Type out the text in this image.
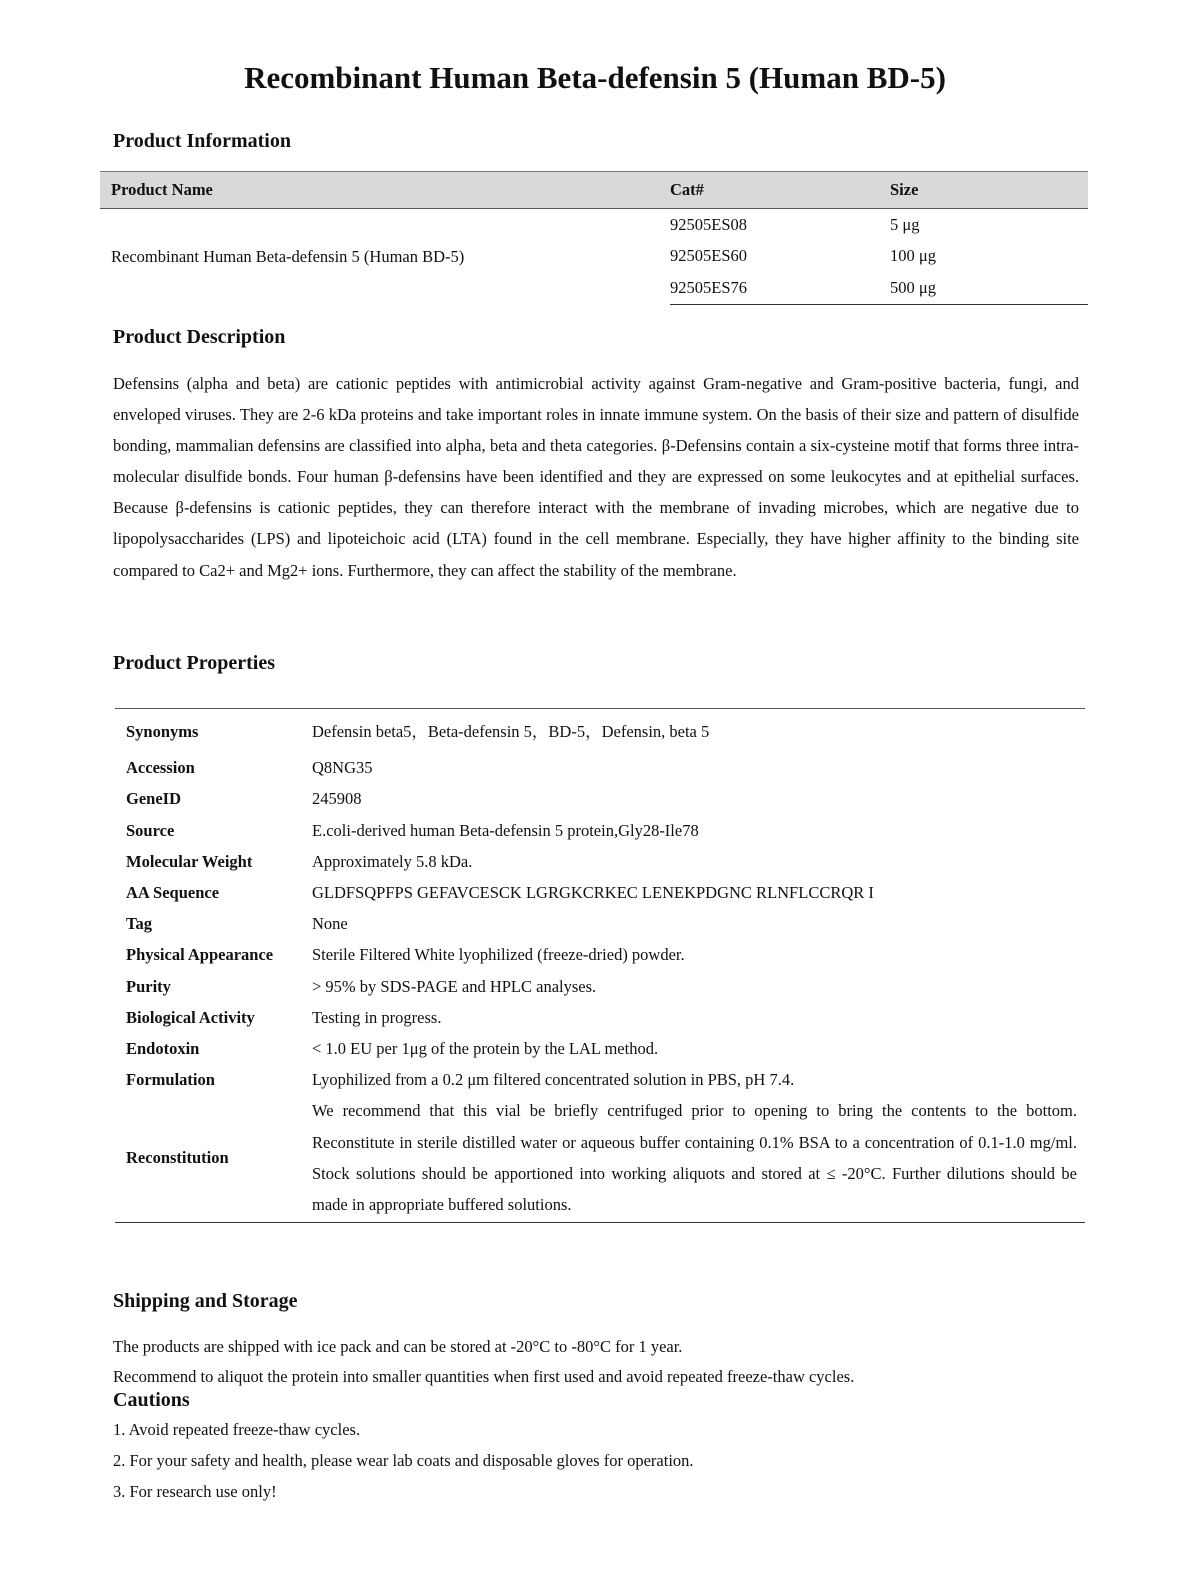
Recombinant Human Beta-defensin 5 (Human BD-5)
Product Information
Product Name	Cat#	Size
Recombinant Human Beta-defensin 5 (Human BD-5)	92505ES08	5 μg
	92505ES60	100 μg
	92505ES76	500 μg
Product Description

Defensins (alpha and beta) are cationic peptides with antimicrobial activity against Gram-negative and Gram-positive bacteria, fungi, and enveloped viruses. They are 2-6 kDa proteins and take important roles in innate immune system. On the basis of their size and pattern of disulfide bonding, mammalian defensins are classified into alpha, beta and theta categories. β-Defensins contain a six-cysteine motif that forms three intra-molecular disulfide bonds. Four human β-defensins have been identified and they are expressed on some leukocytes and at epithelial surfaces. Because β-defensins is cationic peptides, they can therefore interact with the membrane of invading microbes, which are negative due to lipopolysaccharides (LPS) and lipoteichoic acid (LTA) found in the cell membrane. Especially, they have higher affinity to the binding site compared to Ca2+ and Mg2+ ions. Furthermore, they can affect the stability of the membrane.

Product Properties
Synonyms	Defensin beta5，Beta-defensin 5，BD-5，Defensin, beta 5
Accession	Q8NG35
GeneID	245908
Source	E.coli-derived human Beta-defensin 5 protein,Gly28-Ile78
Molecular Weight	Approximately 5.8 kDa.
AA Sequence	GLDFSQPFPS GEFAVCESCK LGRGKCRKEC LENEKPDGNC RLNFLCCRQR I
Tag	None
Physical Appearance	Sterile Filtered White lyophilized (freeze-dried) powder.
Purity	> 95% by SDS-PAGE and HPLC analyses.
Biological Activity	Testing in progress.
Endotoxin	< 1.0 EU per 1μg of the protein by the LAL method.
Formulation	Lyophilized from a 0.2 μm filtered concentrated solution in PBS, pH 7.4.
Reconstitution	We recommend that this vial be briefly centrifuged prior to opening to bring the contents to the bottom. Reconstitute in sterile distilled water or aqueous buffer containing 0.1% BSA to a concentration of 0.1-1.0 mg/ml. Stock solutions should be apportioned into working aliquots and stored at ≤ -20°C. Further dilutions should be made in appropriate buffered solutions.
Shipping and Storage

The products are shipped with ice pack and can be stored at -20°C to -80°C for 1 year.

Recommend to aliquot the protein into smaller quantities when first used and avoid repeated freeze-thaw cycles.

Cautions

1. Avoid repeated freeze-thaw cycles.

2. For your safety and health, please wear lab coats and disposable gloves for operation.

3. For research use only!
